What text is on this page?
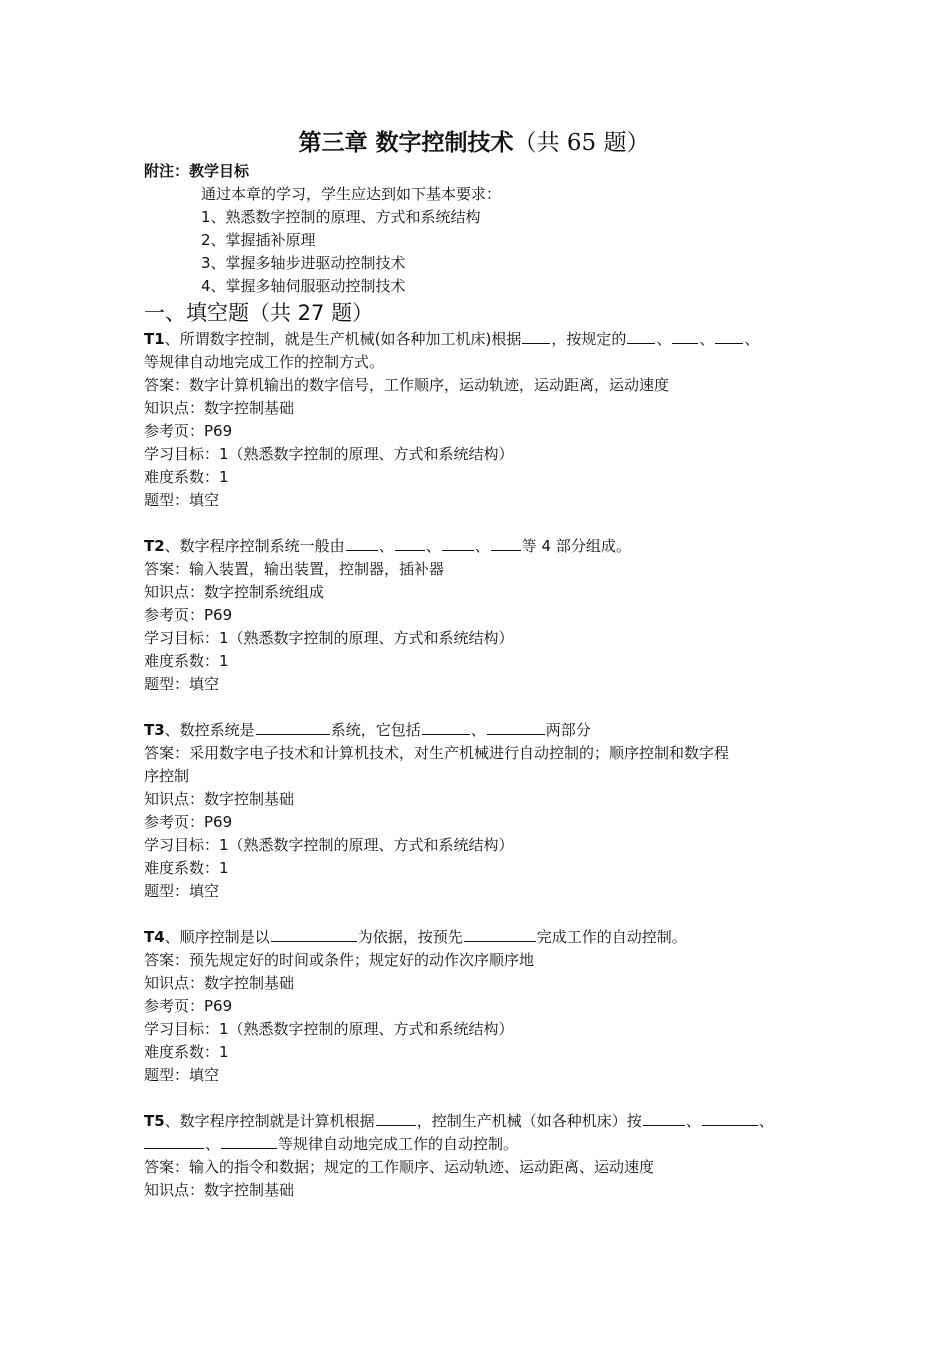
第三章 数字控制技术（共 65 题）
附注：教学目标
通过本章的学习，学生应达到如下基本要求：
1、熟悉数字控制的原理、方式和系统结构
2、掌握插补原理
3、掌握多轴步进驱动控制技术
4、掌握多轴伺服驱动控制技术
一、填空题（共 27 题）
T1、所谓数字控制，就是生产机械(如各种加工机床)根据 ，按规定的 、 、 、
等规律自动地完成工作的控制方式。
答案：数字计算机输出的数字信号，工作顺序，运动轨迹，运动距离，运动速度
知识点：数字控制基础
参考页：P69
学习目标：1（熟悉数字控制的原理、方式和系统结构）
难度系数：1
题型：填空
T2、数字程序控制系统一般由 、 、 、 等 4 部分组成。
答案：输入装置，输出装置，控制器，插补器
知识点：数字控制系统组成
参考页：P69
学习目标：1（熟悉数字控制的原理、方式和系统结构）
难度系数：1
题型：填空
T3、数控系统是	系统，它包括	、	两部分
答案：采用数字电子技术和计算机技术，对生产机械进行自动控制的；顺序控制和数字程
序控制
知识点：数字控制基础
参考页：P69
学习目标：1（熟悉数字控制的原理、方式和系统结构）
难度系数：1
题型：填空
T4、顺序控制是以	为依据，按预先	完成工作的自动控制。
答案：预先规定好的时间或条件；规定好的动作次序顺序地
知识点：数字控制基础
参考页：P69
学习目标：1（熟悉数字控制的原理、方式和系统结构）
难度系数：1
题型：填空
T5、数字程序控制就是计算机根据	，控制生产机械（如各种机床）按	、	、
、	等规律自动地完成工作的自动控制。
答案：输入的指令和数据；规定的工作顺序、运动轨迹、运动距离、运动速度
知识点：数字控制基础
